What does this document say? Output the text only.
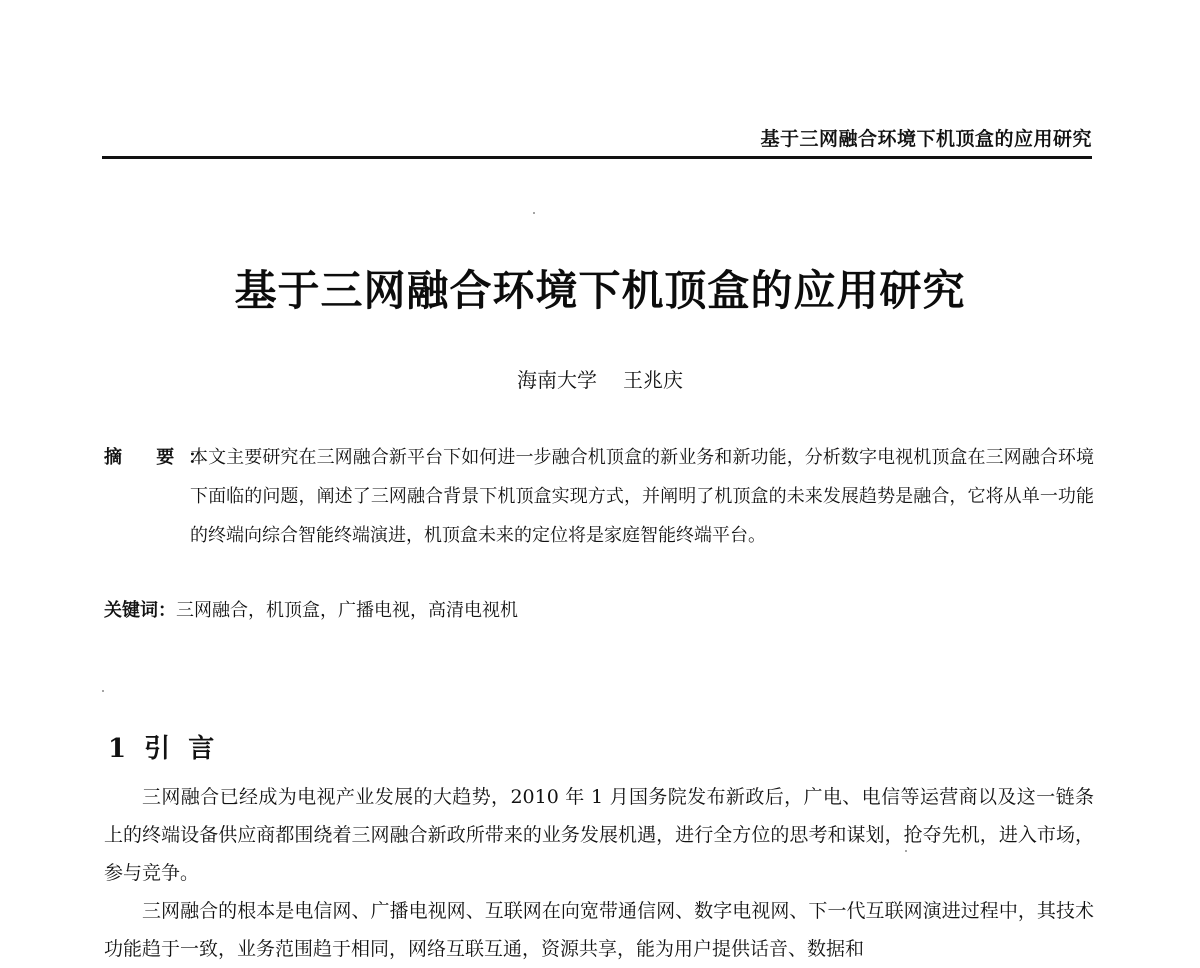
基于三网融合环境下机顶盒的应用研究
基于三网融合环境下机顶盒的应用研究
海南大学 王兆庆
摘 要：
本文主要研究在三网融合新平台下如何进一步融合机顶盒的新业务和新功能，分析数字电视机顶盒在三网融合环境下面临的问题，阐述了三网融合背景下机顶盒实现方式，并阐明了机顶盒的未来发展趋势是融合，它将从单一功能的终端向综合智能终端演进，机顶盒未来的定位将是家庭智能终端平台。
关键词：三网融合，机顶盒，广播电视，高清电视机
1 引  言

三网融合已经成为电视产业发展的大趋势，2010 年 1 月国务院发布新政后，广电、电信等运营商以及这一链条上的终端设备供应商都围绕着三网融合新政所带来的业务发展机遇，进行全方位的思考和谋划，抢夺先机，进入市场，参与竞争。

三网融合的根本是电信网、广播电视网、互联网在向宽带通信网、数字电视网、下一代互联网演进过程中，其技术功能趋于一致，业务范围趋于相同，网络互联互通，资源共享，能为用户提供话音、数据和
